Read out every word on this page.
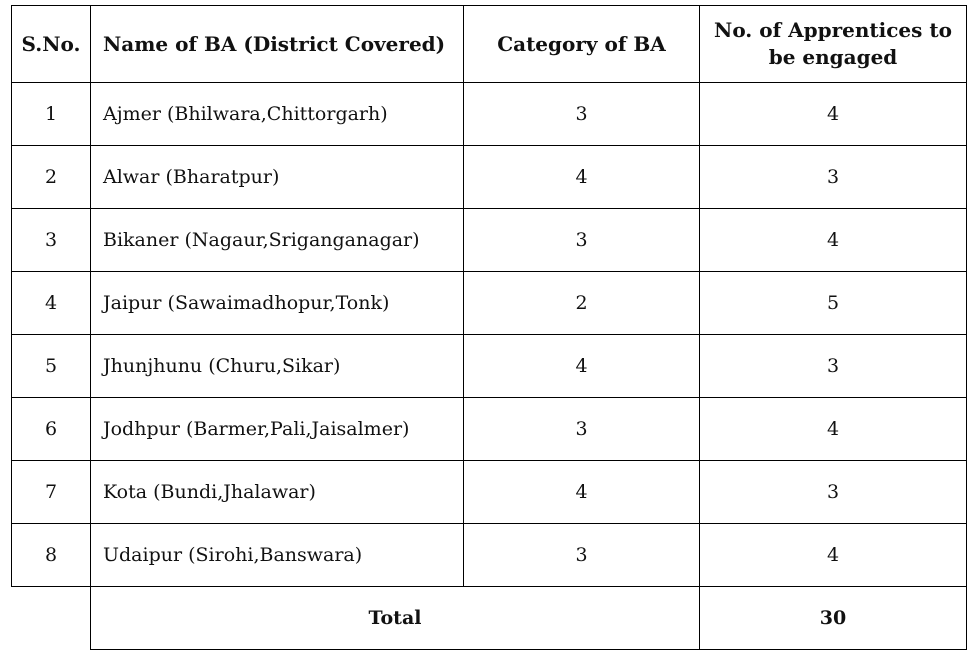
S.No.	Name of BA (District Covered)	Category of BA	No. of Apprentices to be engaged
1	Ajmer (Bhilwara,Chittorgarh)	3	4
2	Alwar (Bharatpur)	4	3
3	Bikaner (Nagaur,Sriganganagar)	3	4
4	Jaipur (Sawaimadhopur,Tonk)	2	5
5	Jhunjhunu (Churu,Sikar)	4	3
6	Jodhpur (Barmer,Pali,Jaisalmer)	3	4
7	Kota (Bundi,Jhalawar)	4	3
8	Udaipur (Sirohi,Banswara)	3	4
	Total		30
